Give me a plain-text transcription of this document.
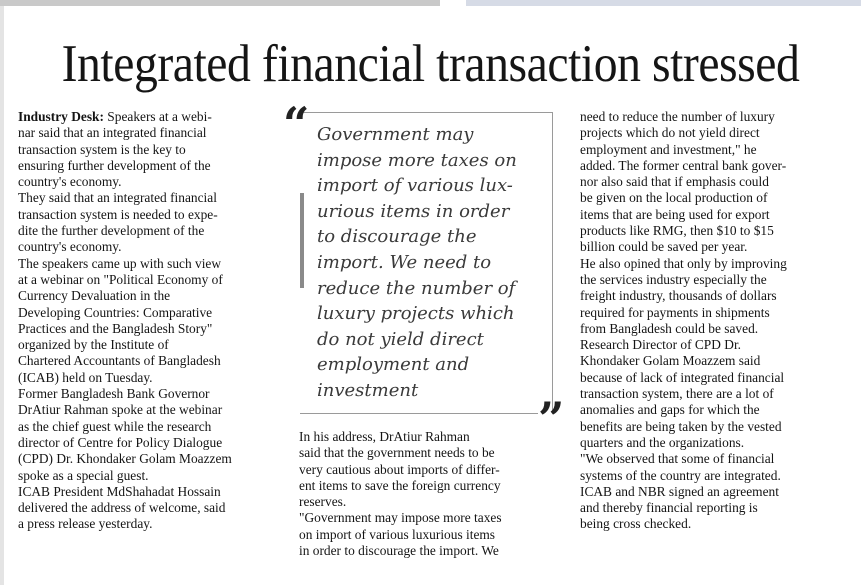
Integrated financial transaction stressed

Industry Desk: Speakers at a webi-

nar said that an integrated financial

transaction system is the key to

ensuring further development of the

country's economy.

They said that an integrated financial

transaction system is needed to expe-

dite the further development of the

country's economy.

The speakers came up with such view

at a webinar on "Political Economy of

Currency Devaluation in the

Developing Countries: Comparative

Practices and the Bangladesh Story"

organized by the Institute of

Chartered Accountants of Bangladesh

(ICAB) held on Tuesday.

Former Bangladesh Bank Governor

DrAtiur Rahman spoke at the webinar

as the chief guest while the research

director of Centre for Policy Dialogue

(CPD) Dr. Khondaker Golam Moazzem

spoke as a special guest.

ICAB President MdShahadat Hossain

delivered the address of welcome, said

a press release yesterday.

“
”

Government may

impose more taxes on

import of various lux-

urious items in order

to discourage the

import. We need to

reduce the number of

luxury projects which

do not yield direct

employment and

investment

In his address, DrAtiur Rahman

said that the government needs to be

very cautious about imports of differ-

ent items to save the foreign currency

reserves.

"Government may impose more taxes

on import of various luxurious items

in order to discourage the import. We

need to reduce the number of luxury

projects which do not yield direct

employment and investment," he

added. The former central bank gover-

nor also said that if emphasis could

be given on the local production of

items that are being used for export

products like RMG, then $10 to $15

billion could be saved per year.

He also opined that only by improving

the services industry especially the

freight industry, thousands of dollars

required for payments in shipments

from Bangladesh could be saved.

Research Director of CPD Dr.

Khondaker Golam Moazzem said

because of lack of integrated financial

transaction system, there are a lot of

anomalies and gaps for which the

benefits are being taken by the vested

quarters and the organizations.

"We observed that some of financial

systems of the country are integrated.

ICAB and NBR signed an agreement

and thereby financial reporting is

being cross checked.
